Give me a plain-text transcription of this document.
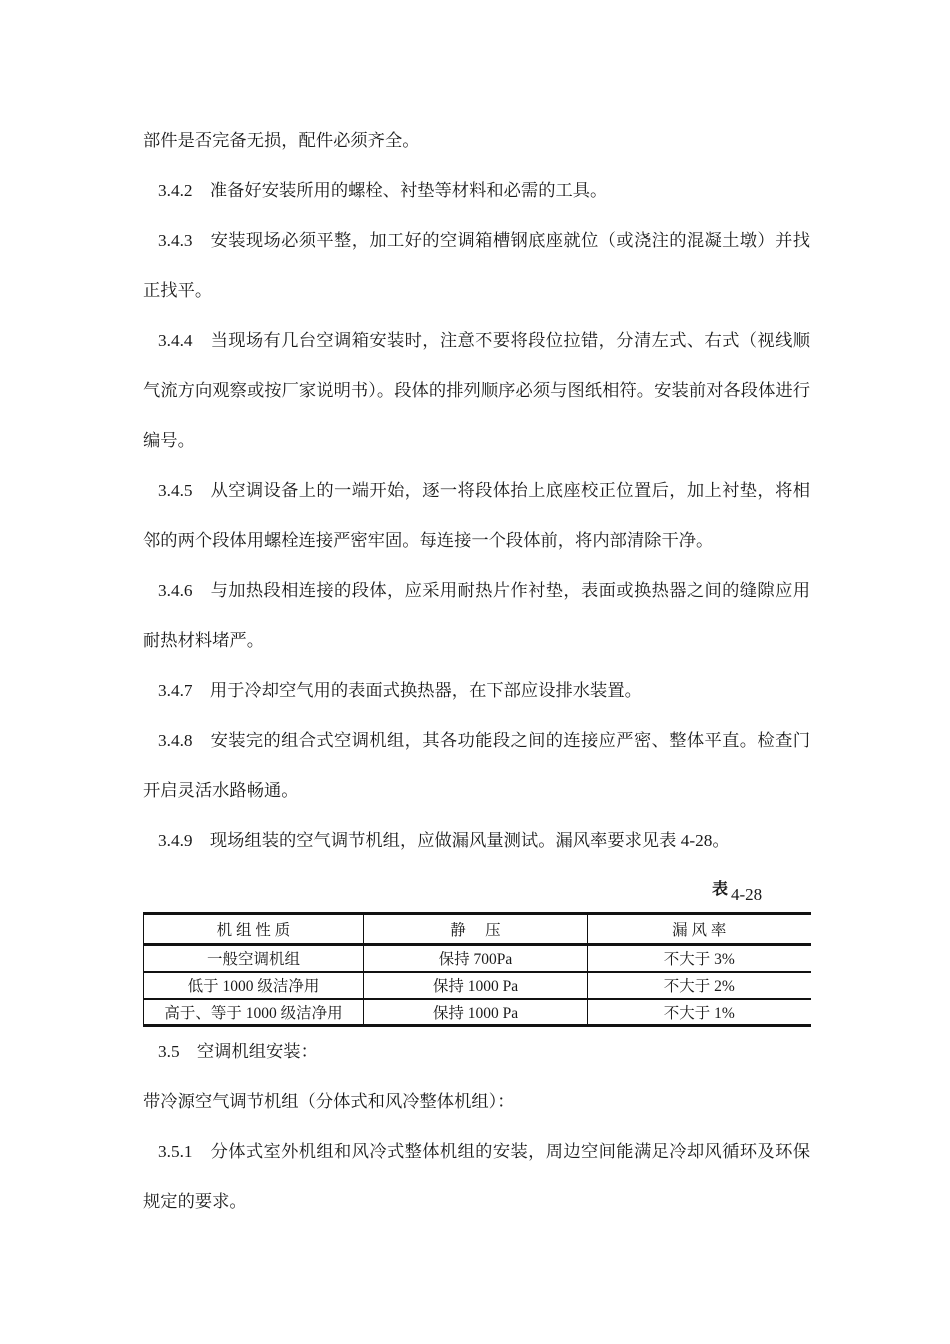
部件是否完备无损，配件必须齐全。

3.4.2　准备好安装所用的螺栓、衬垫等材料和必需的工具。

3.4.3　安装现场必须平整，加工好的空调箱槽钢底座就位（或浇注的混凝土墩）并找正找平。

3.4.4　当现场有几台空调箱安装时，注意不要将段位拉错，分清左式、右式（视线顺气流方向观察或按厂家说明书）。段体的排列顺序必须与图纸相符。安装前对各段体进行编号。

3.4.5　从空调设备上的一端开始，逐一将段体抬上底座校正位置后，加上衬垫，将相邻的两个段体用螺栓连接严密牢固。每连接一个段体前，将内部清除干净。

3.4.6　与加热段相连接的段体，应采用耐热片作衬垫，表面或换热器之间的缝隙应用耐热材料堵严。

3.4.7　用于冷却空气用的表面式换热器，在下部应设排水装置。

3.4.8　安装完的组合式空调机组，其各功能段之间的连接应严密、整体平直。检查门开启灵活水路畅通。

3.4.9　现场组装的空气调节机组，应做漏风量测试。漏风率要求见表 4-28。

表 4-28
机 组 性 质	静　 压	漏 风 率
一般空调机组	保持 700Pa	不大于 3%
低于 1000 级洁净用	保持 1000 Pa	不大于 2%
高于、等于 1000 级洁净用	保持 1000 Pa	不大于 1%

3.5　空调机组安装：

带冷源空气调节机组（分体式和风冷整体机组）：

3.5.1　分体式室外机组和风冷式整体机组的安装，周边空间能满足冷却风循环及环保规定的要求。
